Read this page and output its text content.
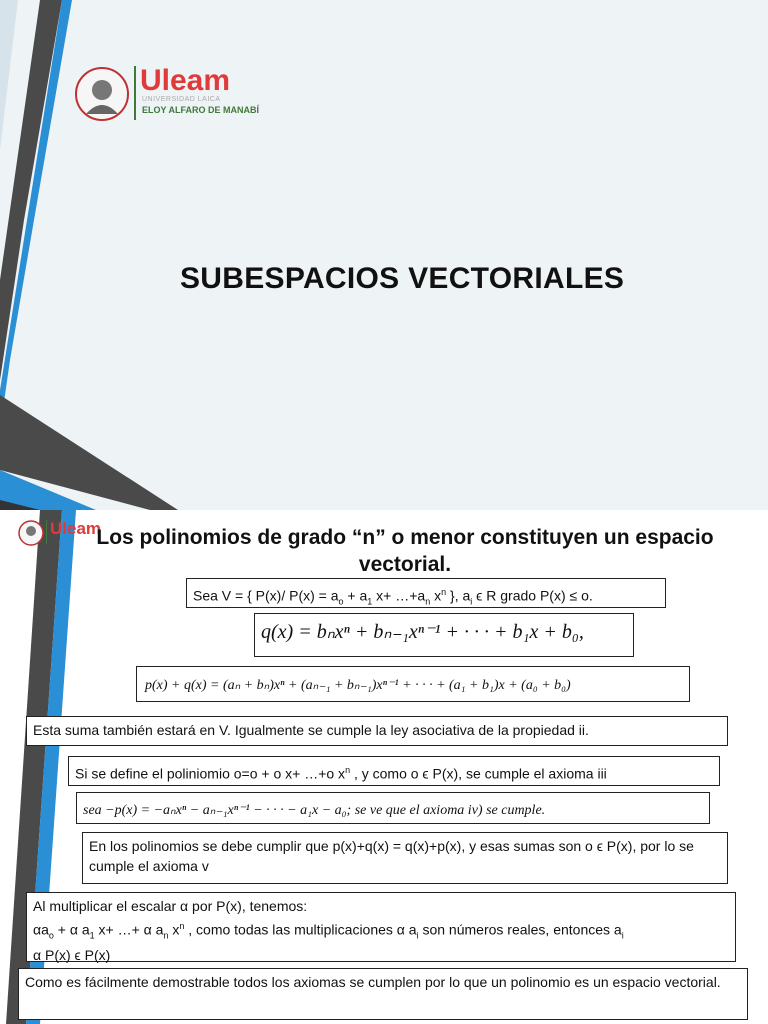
Uleam
UNIVERSIDAD LAICA
ELOY ALFARO DE MANABÍ
SUBESPACIOS VECTORIALES
Uleam
Los polinomios de grado “n” o menor constituyen un espacio vectorial.
Sea V = { P(x)/ $P(x) = a_o + a_1$ $x+ \dots+a_n$ $x^n$ }, $a_i$ ϵ R grado P(x) ≤ o.
q(x) = bₙxⁿ + bₙ₋₁xⁿ⁻¹ + · · · + b₁x + b₀,
p(x) + q(x) = (aₙ + bₙ)xⁿ + (aₙ₋₁ + bₙ₋₁)xⁿ⁻¹ + · · · + (a₁ + b₁)x + (a₀ + b₀)
Esta suma también estará en V. Igualmente se cumple la ley asociativa de la propiedad ii.
Si se define el poliniomio o=o + o x+ …+o $x^n$ , y como o ϵ P(x), se cumple el axioma iii
sea −p(x) = −aₙxⁿ − aₙ₋₁xⁿ⁻¹ − · · · − a₁x − a₀; se ve que el axioma iv) se cumple.
En los polinomios se debe cumplir que p(x)+q(x) = q(x)+p(x), y esas sumas son o ϵ P(x), por lo se cumple el axioma v
Al multiplicar el escalar α por P(x), tenemos:
$\alpha a_o + \alpha$ $a_1$ x+ …+ α $a_n$ $x^n$ , como todas las multiplicaciones α $a_i$ son números reales, entonces $a_i$
α P(x) ϵ P(x)
Como es fácilmente demostrable todos los axiomas se cumplen por lo que un polinomio es un espacio vectorial.
